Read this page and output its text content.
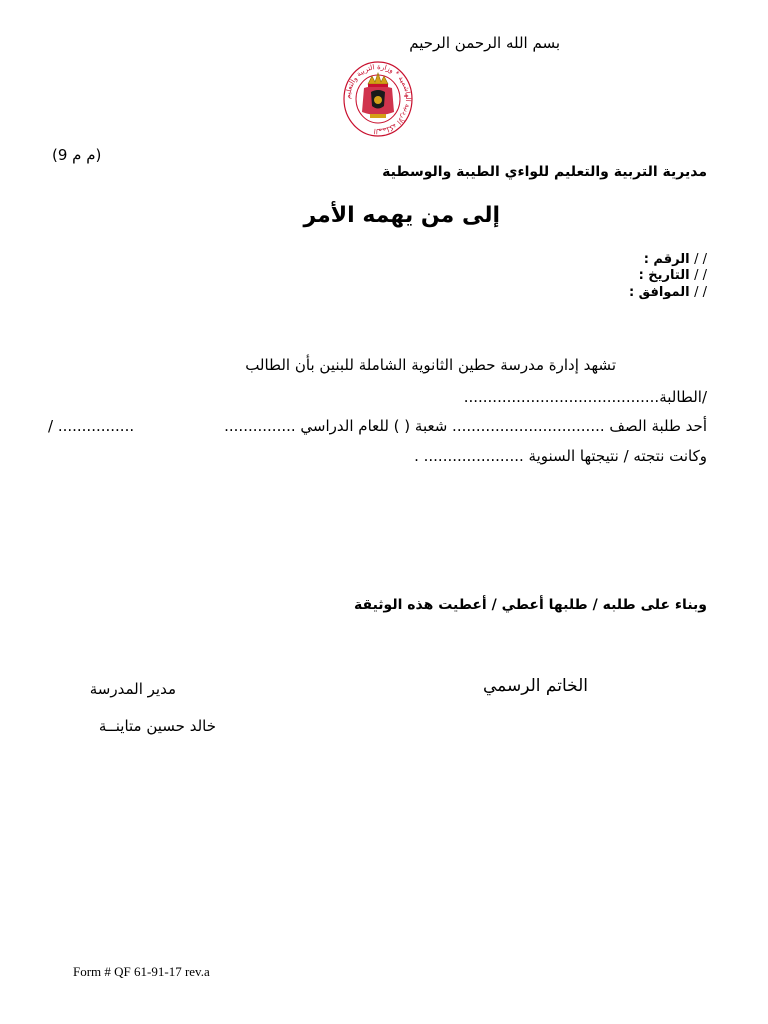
بسم الله الرحمن الرحيم
المملكة الأردنية الهاشمية * وزارة التربية والتعليم
(م م 9)
مديرية التربية والتعليم للواءي الطيبة والوسطية
إلى من يهمه الأمر
الرقم : / /
التاريخ : / /
الموافق : / /
تشهد إدارة مدرسة حطين الثانوية الشاملة للبنين بأن الطالب
/الطالبة.........................................
أحد طلبة الصف ................................ شعبة ( ) للعام الدراسي ...............
/ ................
وكانت نتجته / نتيجتها السنوية ..................... .
وبناء على طلبه / طلبها أعطي / أعطيت هذه الوثيقة
الخاتم الرسمي
مدير المدرسة
خالد حسين متاينــة
Form # QF 61-91-17 rev.a
